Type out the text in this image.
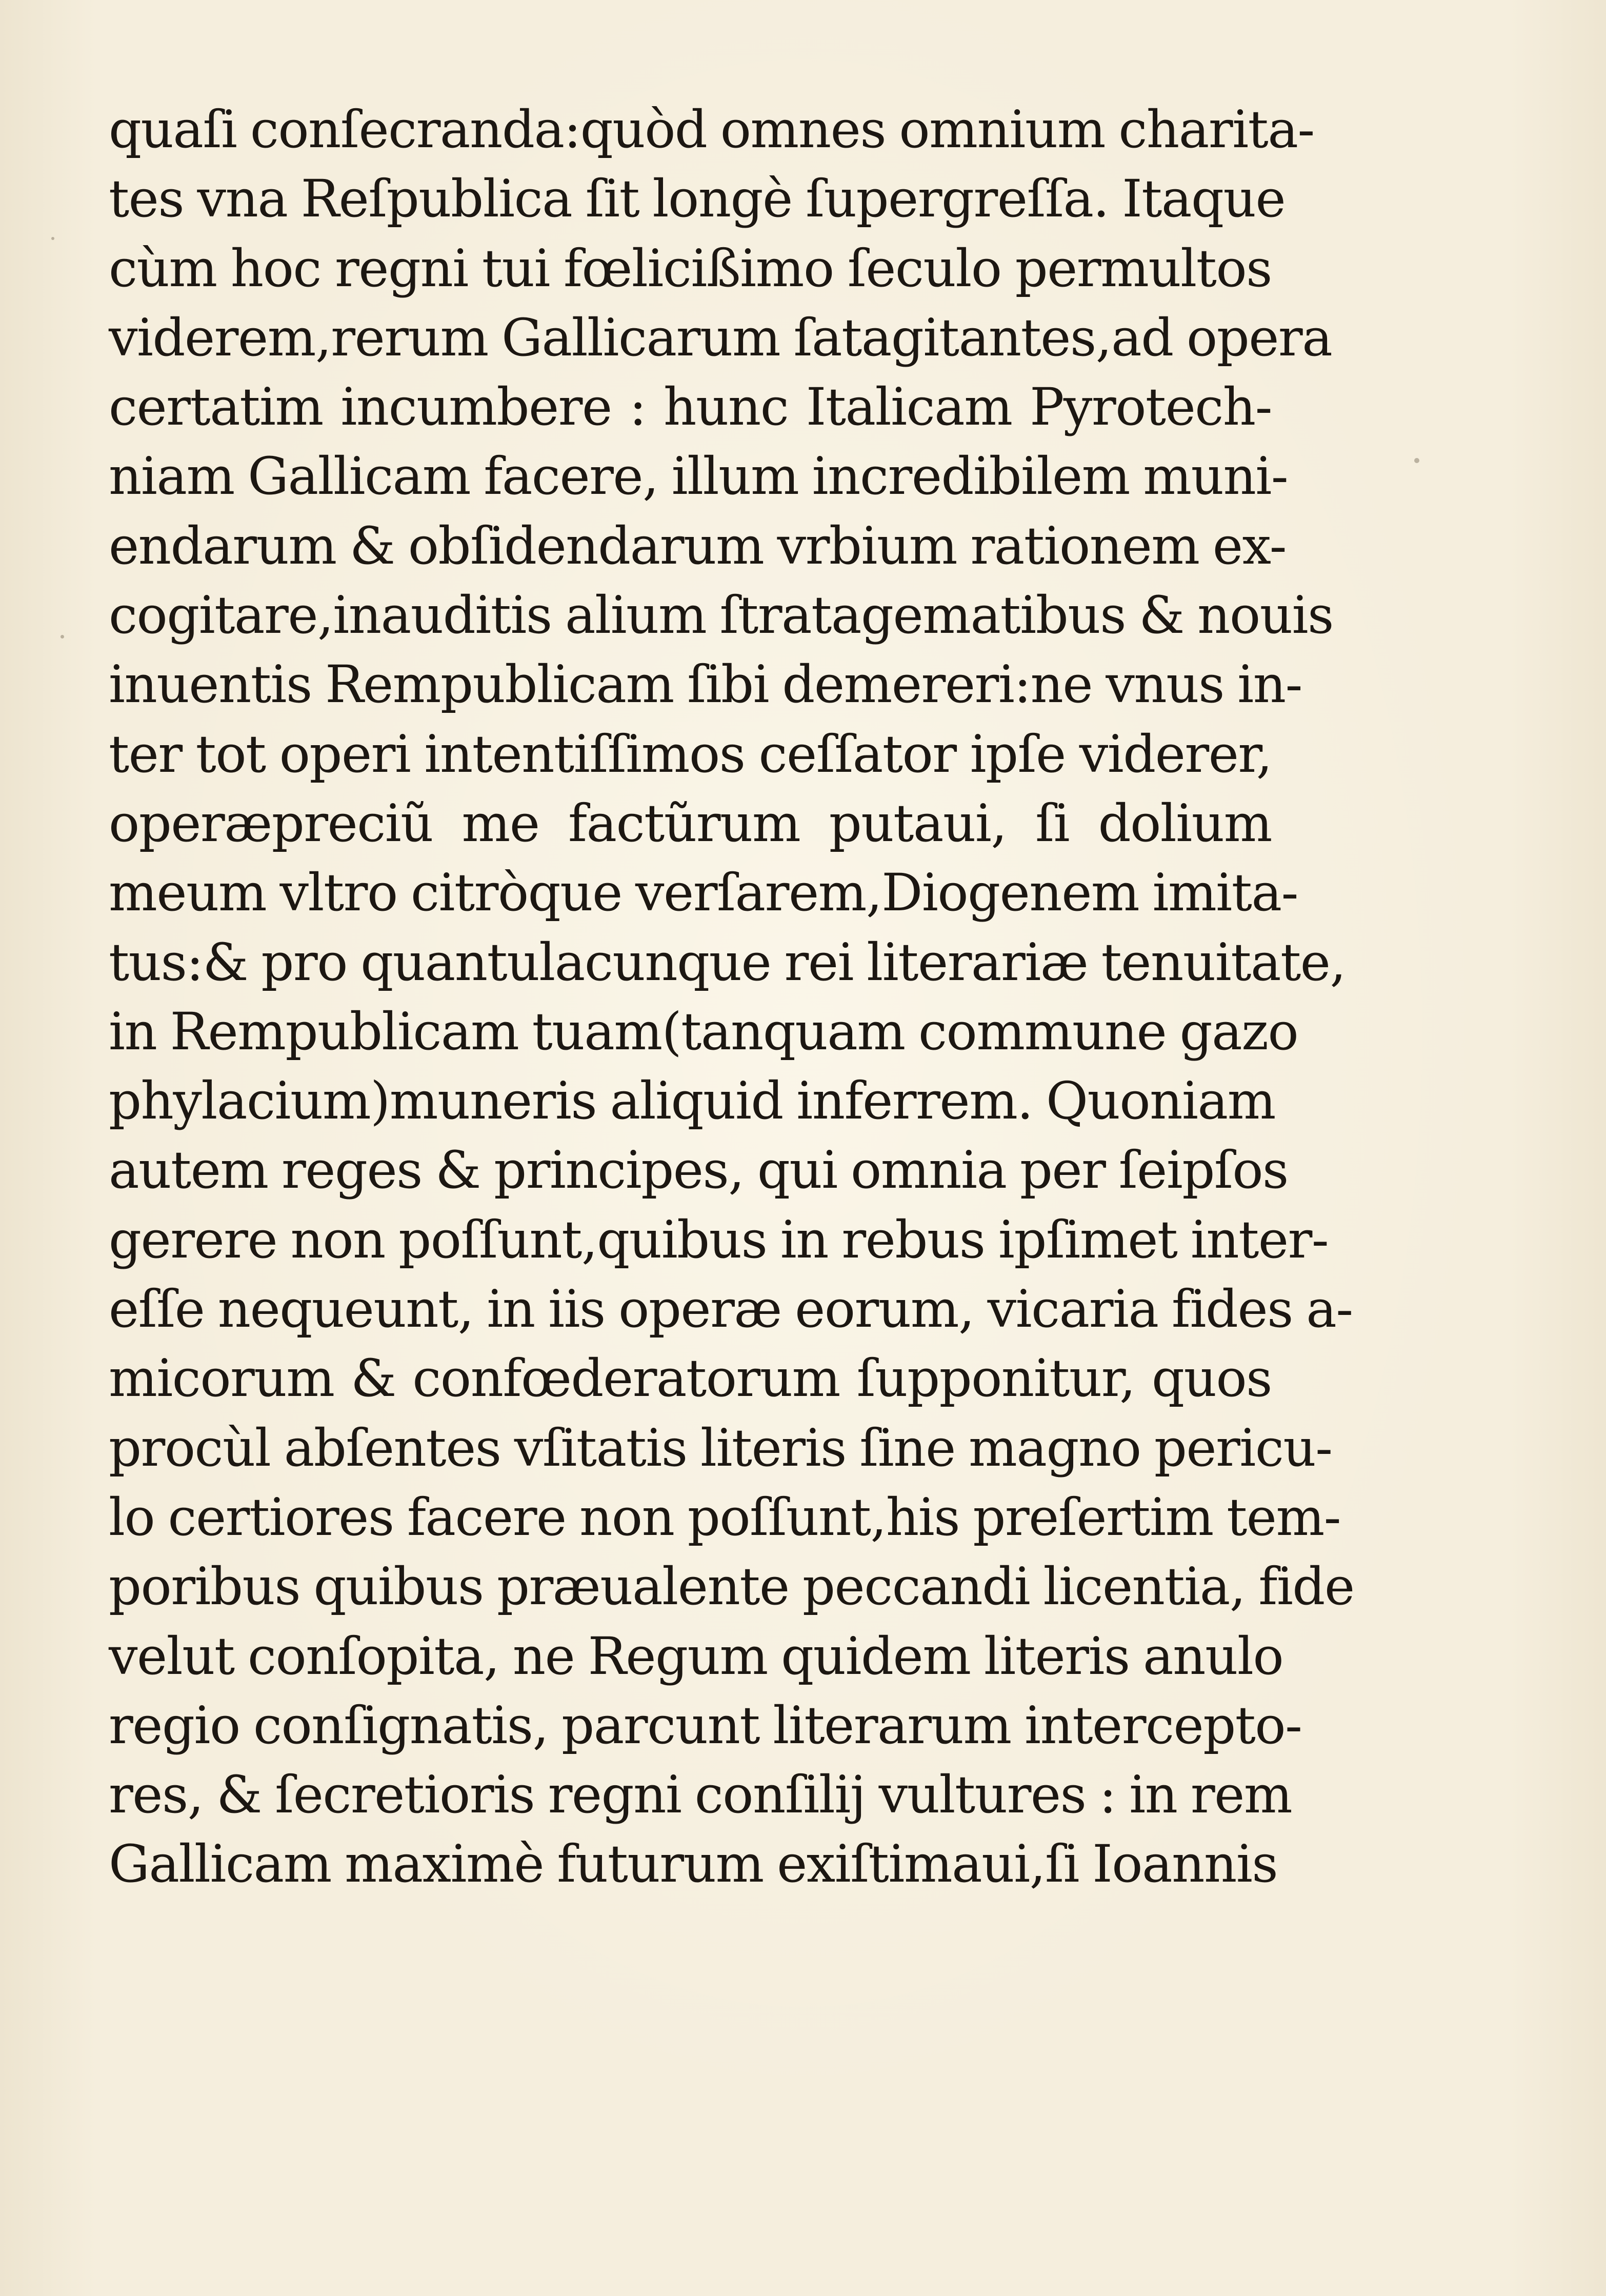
quaſi conſecranda:quòd omnes omnium charita-
tes vna Reſpublica ſit longè ſupergreſſa. Itaque
cùm hoc regni tui fœlicißimo ſeculo permultos
viderem,rerum Gallicarum ſatagitantes,ad opera
certatim incumbere : hunc Italicam Pyrotech-
niam Gallicam facere, illum incredibilem muni-
endarum & obſidendarum vrbium rationem ex-
cogitare,inauditis alium ſtratagematibus & nouis
inuentis Rempublicam ſibi demereri:ne vnus in-
ter tot operi intentiſſimos ceſſator ipſe viderer,
operæpreciũ me factũrum putaui, ſi dolium
meum vltro citròque verſarem,Diogenem imita-
tus:& pro quantulacunque rei literariæ tenuitate,
in Rempublicam tuam(tanquam commune gazo
phylacium)muneris aliquid inferrem. Quoniam
autem reges & principes, qui omnia per ſeipſos
gerere non poſſunt,quibus in rebus ipſimet inter-
eſſe nequeunt, in iis operæ eorum, vicaria fides a-
micorum & confœderatorum ſupponitur, quos
procùl abſentes vſitatis literis ſine magno pericu-
lo certiores facere non poſſunt,his preſertim tem-
poribus quibus præualente peccandi licentia, fide
velut conſopita, ne Regum quidem literis anulo
regio conſignatis, parcunt literarum intercepto-
res, & ſecretioris regni conſilij vultures : in rem
Gallicam maximè futurum exiſtimaui,ſi Ioannis
